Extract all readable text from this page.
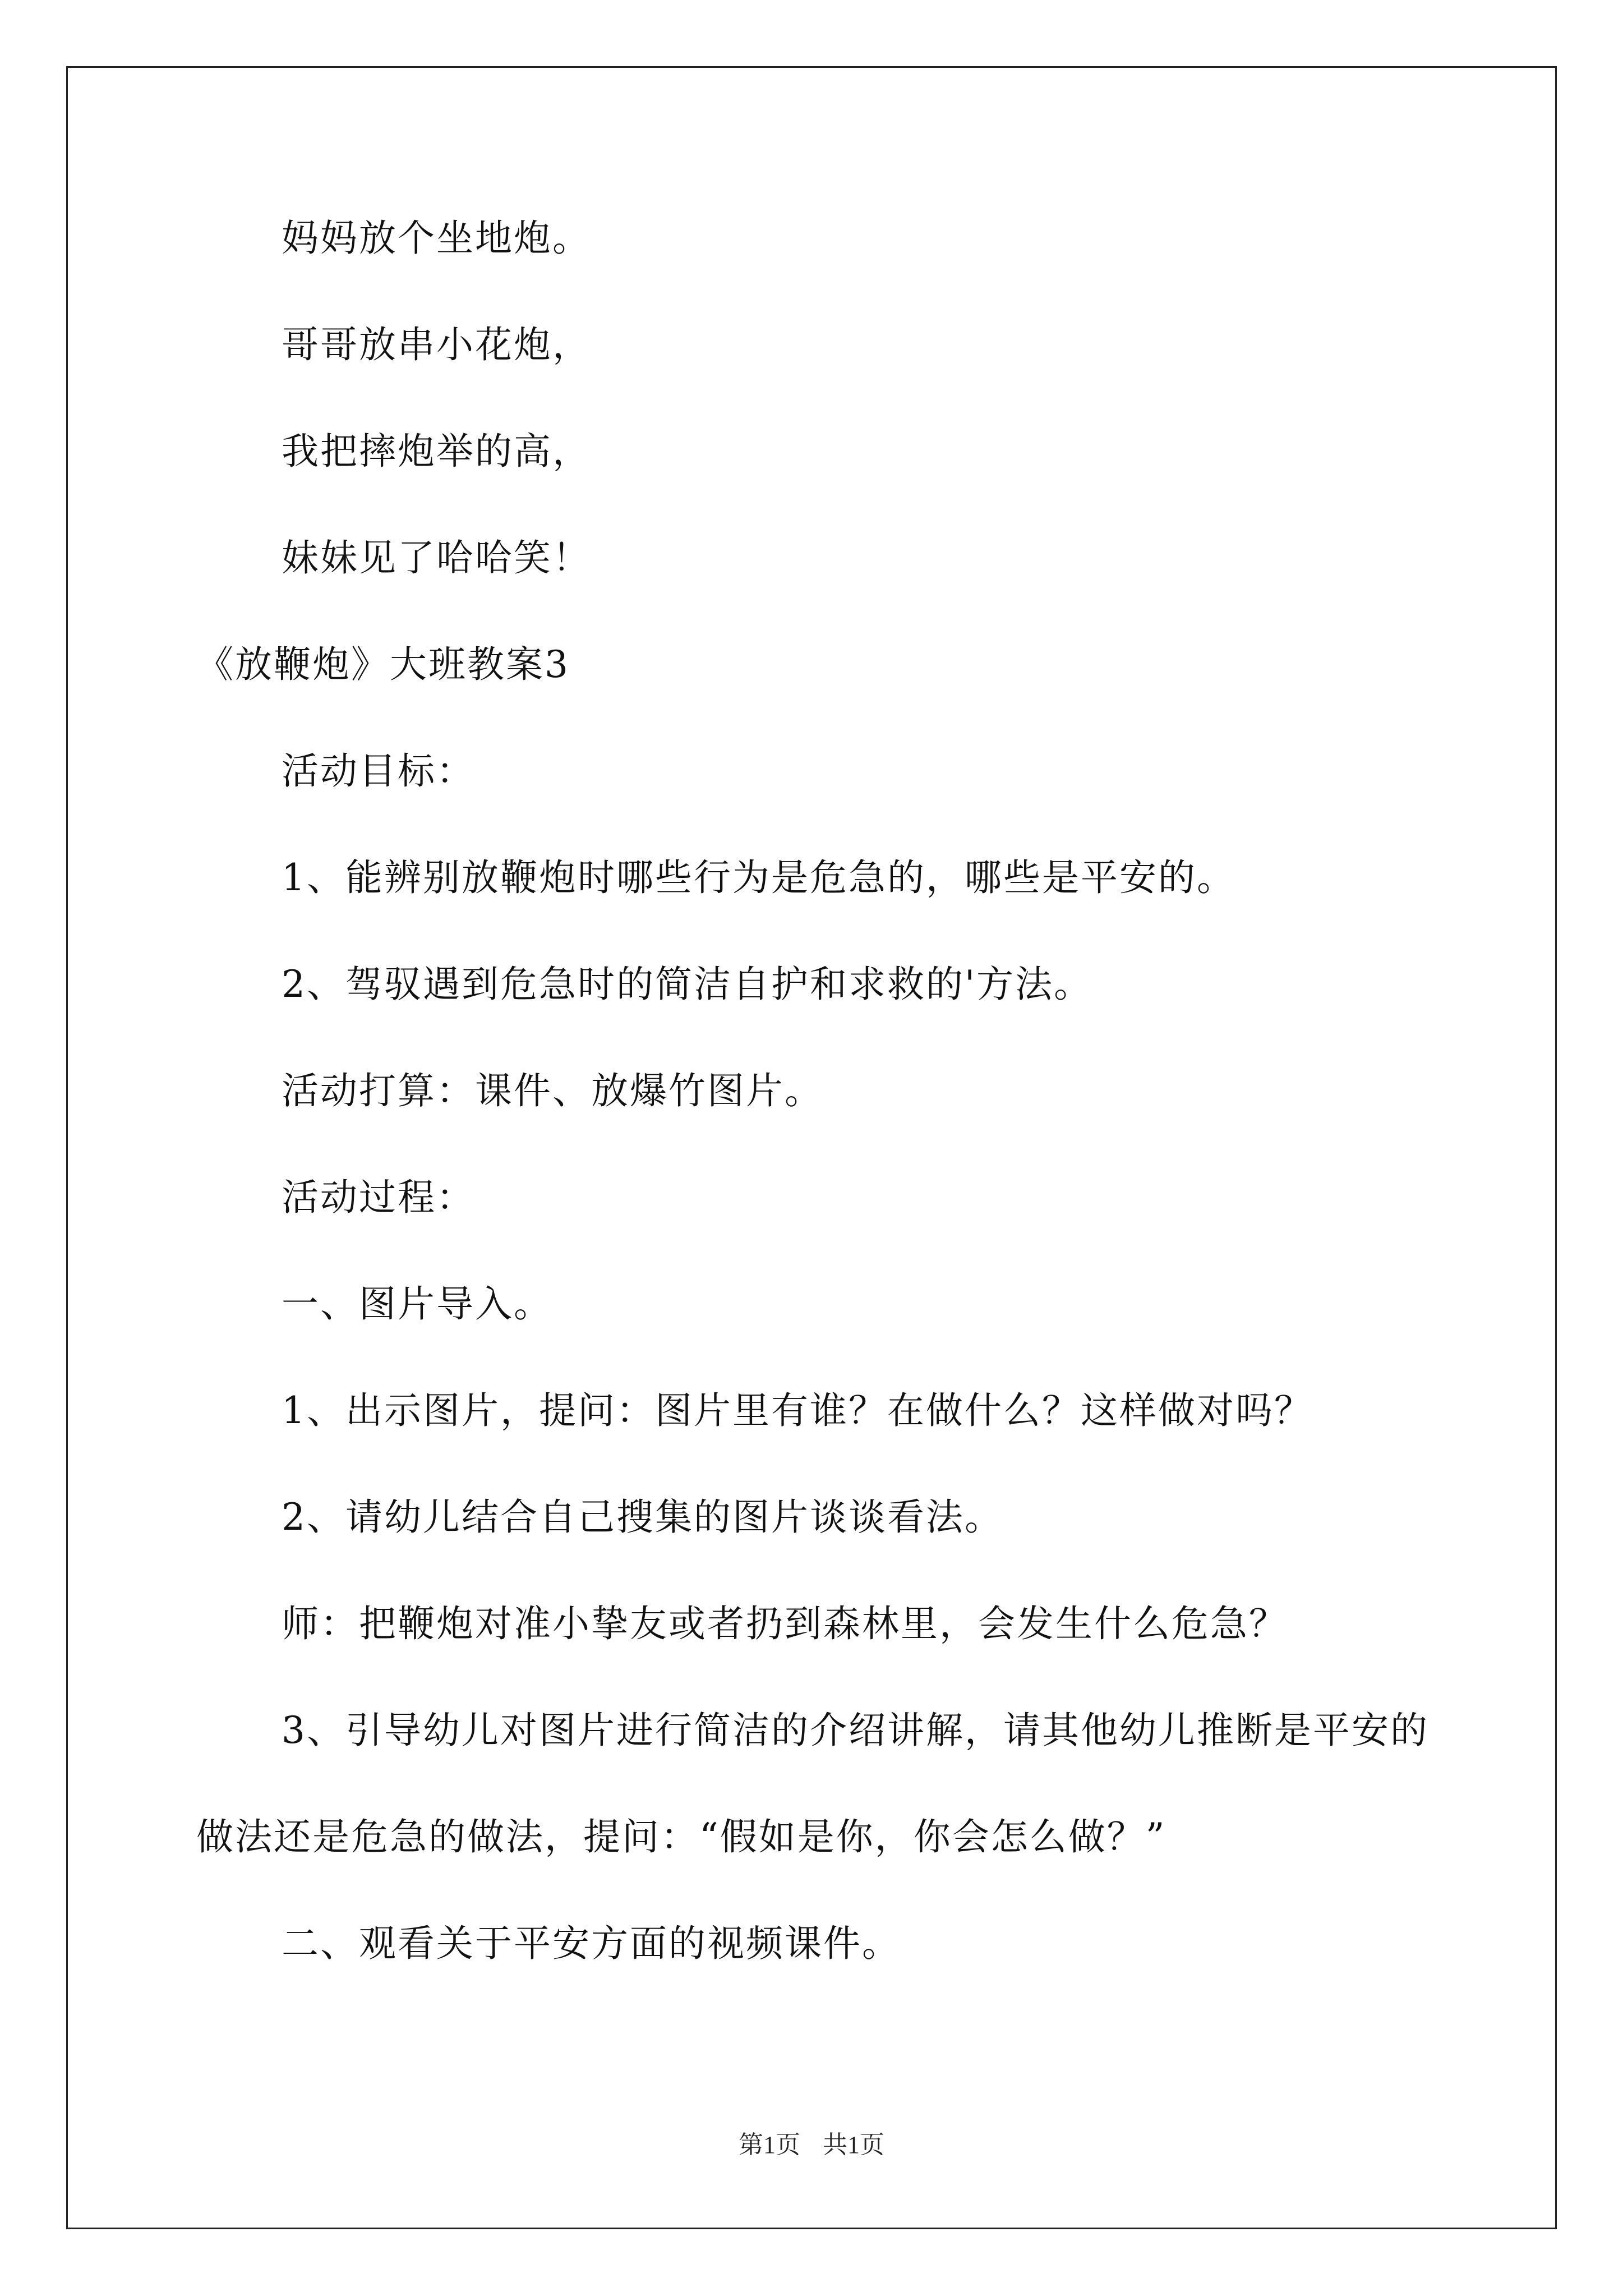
妈妈放个坐地炮。

哥哥放串小花炮，

我把摔炮举的高，

妹妹见了哈哈笑！

《放鞭炮》大班教案3

活动目标：

1、能辨别放鞭炮时哪些行为是危急的，哪些是平安的。

2、驾驭遇到危急时的简洁自护和求救的'方法。

活动打算：课件、放爆竹图片。

活动过程：

一、图片导入。

1、出示图片，提问：图片里有谁？在做什么？这样做对吗？

2、请幼儿结合自己搜集的图片谈谈看法。

师：把鞭炮对准小挚友或者扔到森林里，会发生什么危急？

3、引导幼儿对图片进行简洁的介绍讲解，请其他幼儿推断是平安的做法还是危急的做法，提问：“假如是你，你会怎么做？”

二、观看关于平安方面的视频课件。

第1页 共1页
